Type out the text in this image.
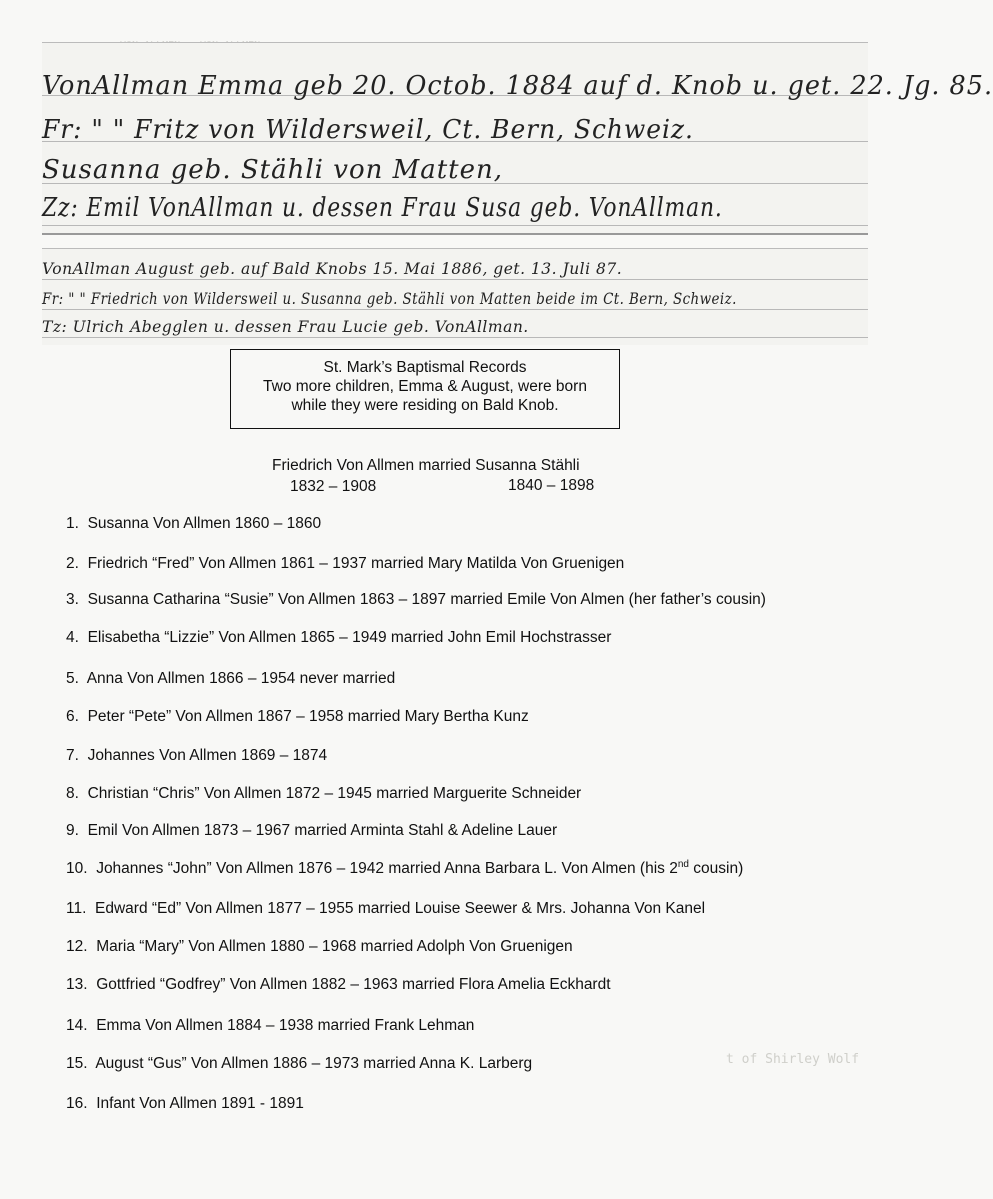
t of Shirley Wolf
VonAllman Emma geb 20. Octob. 1884 auf d. Knob u. get. 22. Jg. 85.
Fr: " " Fritz von Wildersweil, Ct. Bern, Schweiz.
Susanna geb. Stähli von Matten,
Zz: Emil VonAllman u. dessen Frau Susa geb. VonAllman.
VonAllman August geb. auf Bald Knobs 15. Mai 1886, get. 13. Juli 87.
Fr: " " Friedrich von Wildersweil u. Susanna geb. Stähli von Matten beide im Ct. Bern, Schweiz.
Tz: Ulrich Abegglen u. dessen Frau Lucie geb. VonAllman.
St. Mark’s Baptismal Records
Two more children, Emma & August, were born
while they were residing on Bald Knob.
Friedrich Von Allmen married Susanna Stähli
1832 – 1908	1840 – 1898
1. Susanna Von Allmen 1860 – 1860
2. Friedrich “Fred” Von Allmen 1861 – 1937 married Mary Matilda Von Gruenigen
3. Susanna Catharina “Susie” Von Allmen 1863 – 1897 married Emile Von Almen (her father’s cousin)
4. Elisabetha “Lizzie” Von Allmen 1865 – 1949 married John Emil Hochstrasser
5. Anna Von Allmen 1866 – 1954 never married
6. Peter “Pete” Von Allmen 1867 – 1958 married Mary Bertha Kunz
7. Johannes Von Allmen 1869 – 1874
8. Christian “Chris” Von Allmen 1872 – 1945 married Marguerite Schneider
9. Emil Von Allmen 1873 – 1967 married Arminta Stahl & Adeline Lauer
10. Johannes “John” Von Allmen 1876 – 1942 married Anna Barbara L. Von Almen (his 2nd cousin)
11. Edward “Ed” Von Allmen 1877 – 1955 married Louise Seewer & Mrs. Johanna Von Kanel
12. Maria “Mary” Von Allmen 1880 – 1968 married Adolph Von Gruenigen
13. Gottfried “Godfrey” Von Allmen 1882 – 1963 married Flora Amelia Eckhardt
14. Emma Von Allmen 1884 – 1938 married Frank Lehman
15. August “Gus” Von Allmen 1886 – 1973 married Anna K. Larberg
16. Infant Von Allmen 1891 - 1891
